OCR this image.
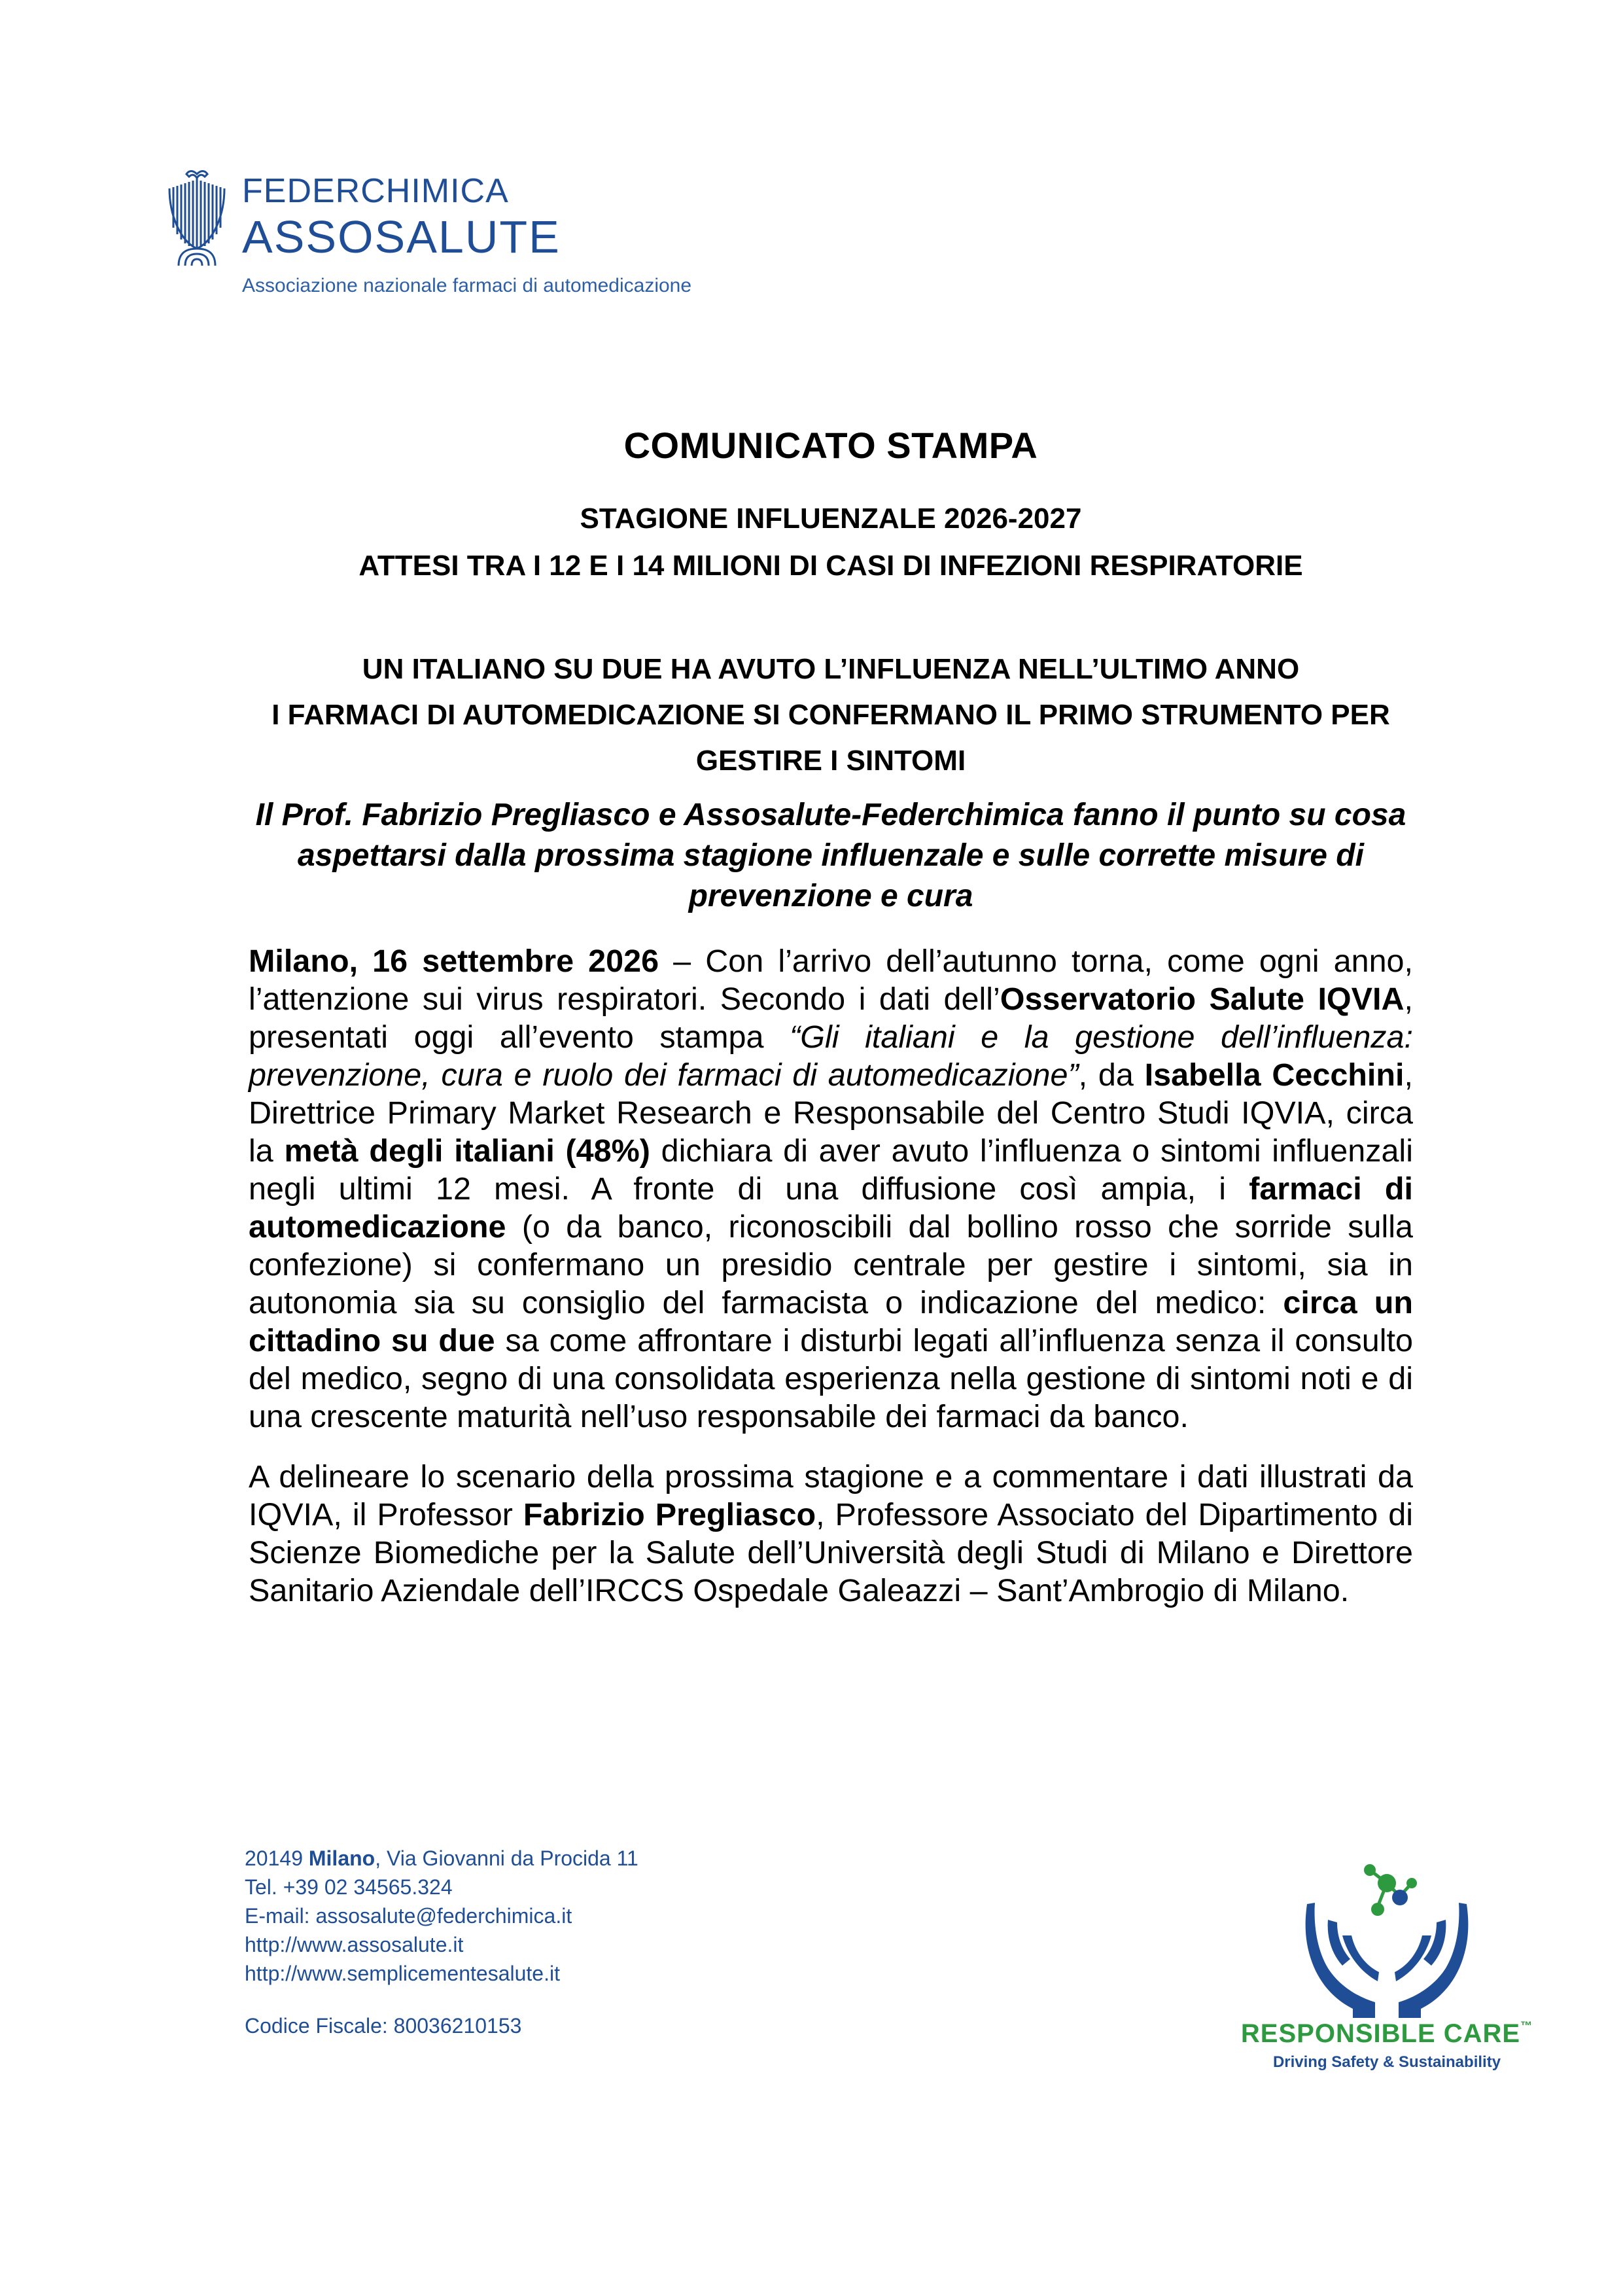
FEDERCHIMICA
ASSOSALUTE
Associazione nazionale farmaci di automedicazione
COMUNICATO STAMPA
STAGIONE INFLUENZALE 2026-2027
ATTESI TRA I 12 E I 14 MILIONI DI CASI DI INFEZIONI RESPIRATORIE
UN ITALIANO SU DUE HA AVUTO L’INFLUENZA NELL’ULTIMO ANNO
I FARMACI DI AUTOMEDICAZIONE SI CONFERMANO IL PRIMO STRUMENTO PER GESTIRE I SINTOMI
Il Prof. Fabrizio Pregliasco e Assosalute-Federchimica fanno il punto su cosa aspettarsi dalla prossima stagione influenzale e sulle corrette misure di prevenzione e cura

Milano, 16 settembre 2026 – Con l’arrivo dell’autunno torna, come ogni anno, l’attenzione sui virus respiratori. Secondo i dati dell’Osservatorio Salute IQVIA, presentati oggi all’evento stampa “Gli italiani e la gestione dell’influenza: prevenzione, cura e ruolo dei farmaci di automedicazione”, da Isabella Cecchini, Direttrice Primary Market Research e Responsabile del Centro Studi IQVIA, circa la metà degli italiani (48%) dichiara di aver avuto l’influenza o sintomi influenzali negli ultimi 12 mesi. A fronte di una diffusione così ampia, i farmaci di automedicazione (o da banco, riconoscibili dal bollino rosso che sorride sulla confezione) si confermano un presidio centrale per gestire i sintomi, sia in autonomia sia su consiglio del farmacista o indicazione del medico: circa un cittadino su due sa come affrontare i disturbi legati all’influenza senza il consulto del medico, segno di una consolidata esperienza nella gestione di sintomi noti e di una crescente maturità nell’uso responsabile dei farmaci da banco.

A delineare lo scenario della prossima stagione e a commentare i dati illustrati da IQVIA, il Professor Fabrizio Pregliasco, Professore Associato del Dipartimento di Scienze Biomediche per la Salute dell’Università degli Studi di Milano e Direttore Sanitario Aziendale dell’IRCCS Ospedale Galeazzi – Sant’Ambrogio di Milano.

20149 Milano, Via Giovanni da Procida 11
Tel. +39 02 34565.324
E-mail: assosalute@federchimica.it
http://www.assosalute.it
http://www.semplicementesalute.it
Codice Fiscale: 80036210153	RESPONSIBLE CARE™
Driving Safety & Sustainability
